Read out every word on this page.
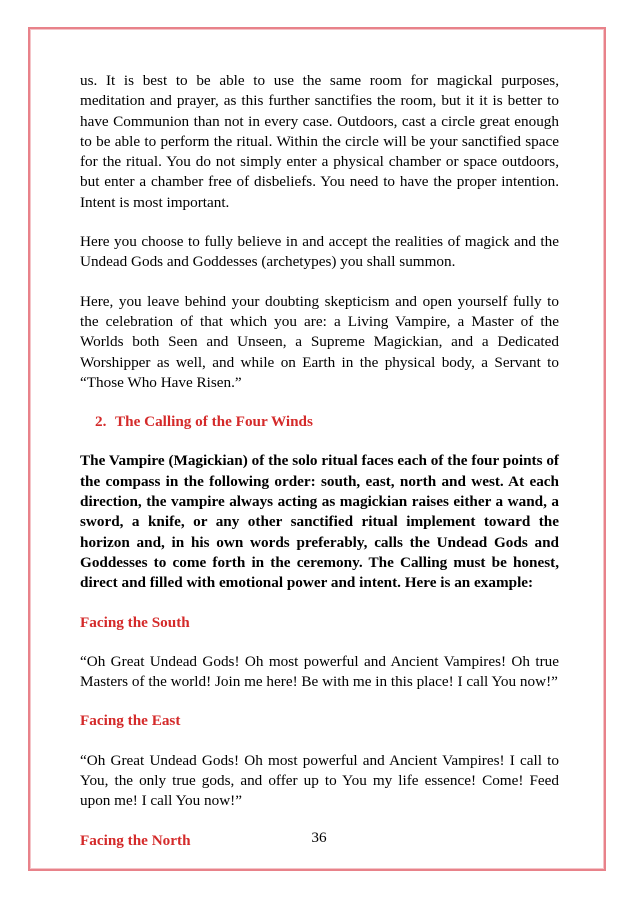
us. It is best to be able to use the same room for magickal purposes, meditation and prayer, as this further sanctifies the room, but it it is better to have Communion than not in every case. Outdoors, cast a circle great enough to be able to perform the ritual. Within the circle will be your sanctified space for the ritual. You do not simply enter a physical chamber or space outdoors, but enter a chamber free of disbeliefs. You need to have the proper intention. Intent is most important.

Here you choose to fully believe in and accept the realities of magick and the Undead Gods and Goddesses (archetypes) you shall summon.

Here, you leave behind your doubting skepticism and open yourself fully to the celebration of that which you are: a Living Vampire, a Master of the Worlds both Seen and Unseen, a Supreme Magickian, and a Dedicated Worshipper as well, and while on Earth in the physical body, a Servant to “Those Who Have Risen.”

2. The Calling of the Four Winds

The Vampire (Magickian) of the solo ritual faces each of the four points of the compass in the following order: south, east, north and west. At each direction, the vampire always acting as magickian raises either a wand, a sword, a knife, or any other sanctified ritual implement toward the horizon and, in his own words preferably, calls the Undead Gods and Goddesses to come forth in the ceremony. The Calling must be honest, direct and filled with emotional power and intent. Here is an example:

Facing the South

“Oh Great Undead Gods! Oh most powerful and Ancient Vampires! Oh true Masters of the world! Join me here! Be with me in this place! I call You now!”

Facing the East

“Oh Great Undead Gods! Oh most powerful and Ancient Vampires! I call to You, the only true gods, and offer up to You my life essence! Come! Feed upon me! I call You now!”

Facing the North	36
